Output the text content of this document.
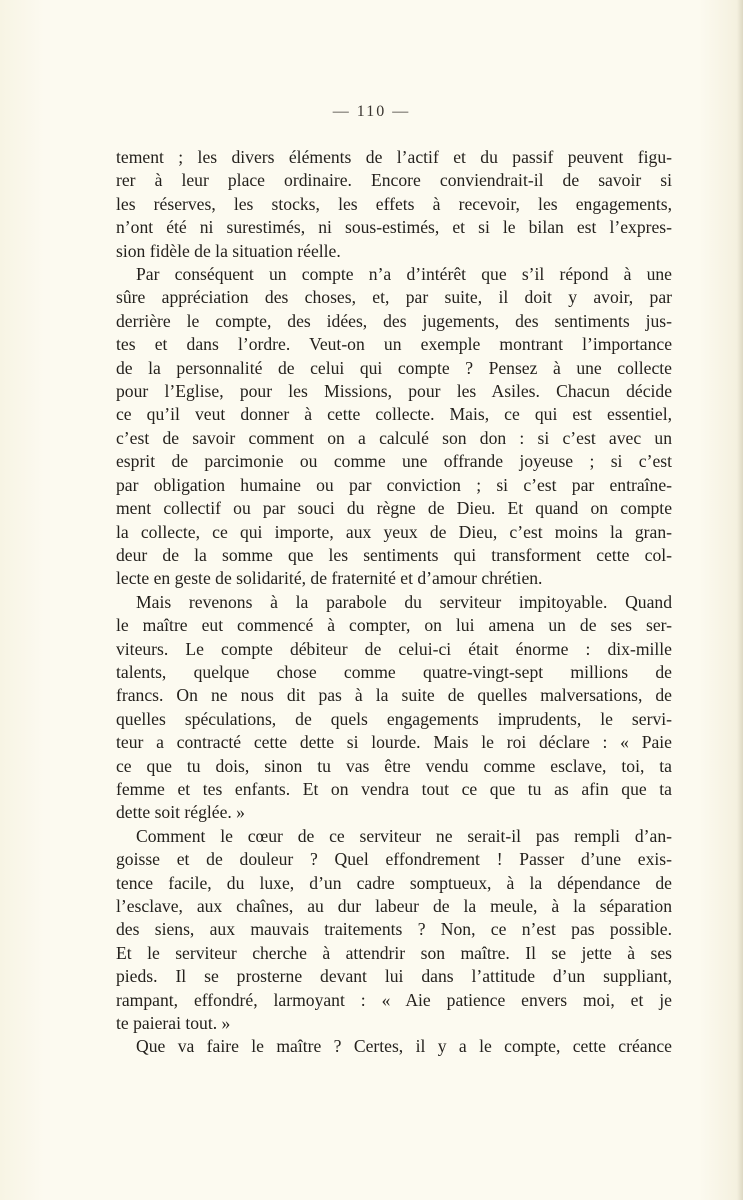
— 110 —
tement ; les divers éléments de l’actif et du passif peuvent figu-
rer à leur place ordinaire. Encore conviendrait-il de savoir si
les réserves, les stocks, les effets à recevoir, les engagements,
n’ont été ni surestimés, ni sous-estimés, et si le bilan est l’expres-
sion fidèle de la situation réelle.
Par conséquent un compte n’a d’intérêt que s’il répond à une
sûre appréciation des choses, et, par suite, il doit y avoir, par
derrière le compte, des idées, des jugements, des sentiments jus-
tes et dans l’ordre. Veut-on un exemple montrant l’importance
de la personnalité de celui qui compte ? Pensez à une collecte
pour l’Eglise, pour les Missions, pour les Asiles. Chacun décide
ce qu’il veut donner à cette collecte. Mais, ce qui est essentiel,
c’est de savoir comment on a calculé son don : si c’est avec un
esprit de parcimonie ou comme une offrande joyeuse ; si c’est
par obligation humaine ou par conviction ; si c’est par entraîne-
ment collectif ou par souci du règne de Dieu. Et quand on compte
la collecte, ce qui importe, aux yeux de Dieu, c’est moins la gran-
deur de la somme que les sentiments qui transforment cette col-
lecte en geste de solidarité, de fraternité et d’amour chrétien.
Mais revenons à la parabole du serviteur impitoyable. Quand
le maître eut commencé à compter, on lui amena un de ses ser-
viteurs. Le compte débiteur de celui-ci était énorme : dix-mille
talents, quelque chose comme quatre-vingt-sept millions de
francs. On ne nous dit pas à la suite de quelles malversations, de
quelles spéculations, de quels engagements imprudents, le servi-
teur a contracté cette dette si lourde. Mais le roi déclare : « Paie
ce que tu dois, sinon tu vas être vendu comme esclave, toi, ta
femme et tes enfants. Et on vendra tout ce que tu as afin que ta
dette soit réglée. »
Comment le cœur de ce serviteur ne serait-il pas rempli d’an-
goisse et de douleur ? Quel effondrement ! Passer d’une exis-
tence facile, du luxe, d’un cadre somptueux, à la dépendance de
l’esclave, aux chaînes, au dur labeur de la meule, à la séparation
des siens, aux mauvais traitements ? Non, ce n’est pas possible.
Et le serviteur cherche à attendrir son maître. Il se jette à ses
pieds. Il se prosterne devant lui dans l’attitude d’un suppliant,
rampant, effondré, larmoyant : « Aie patience envers moi, et je
te paierai tout. »
Que va faire le maître ? Certes, il y a le compte, cette créance
